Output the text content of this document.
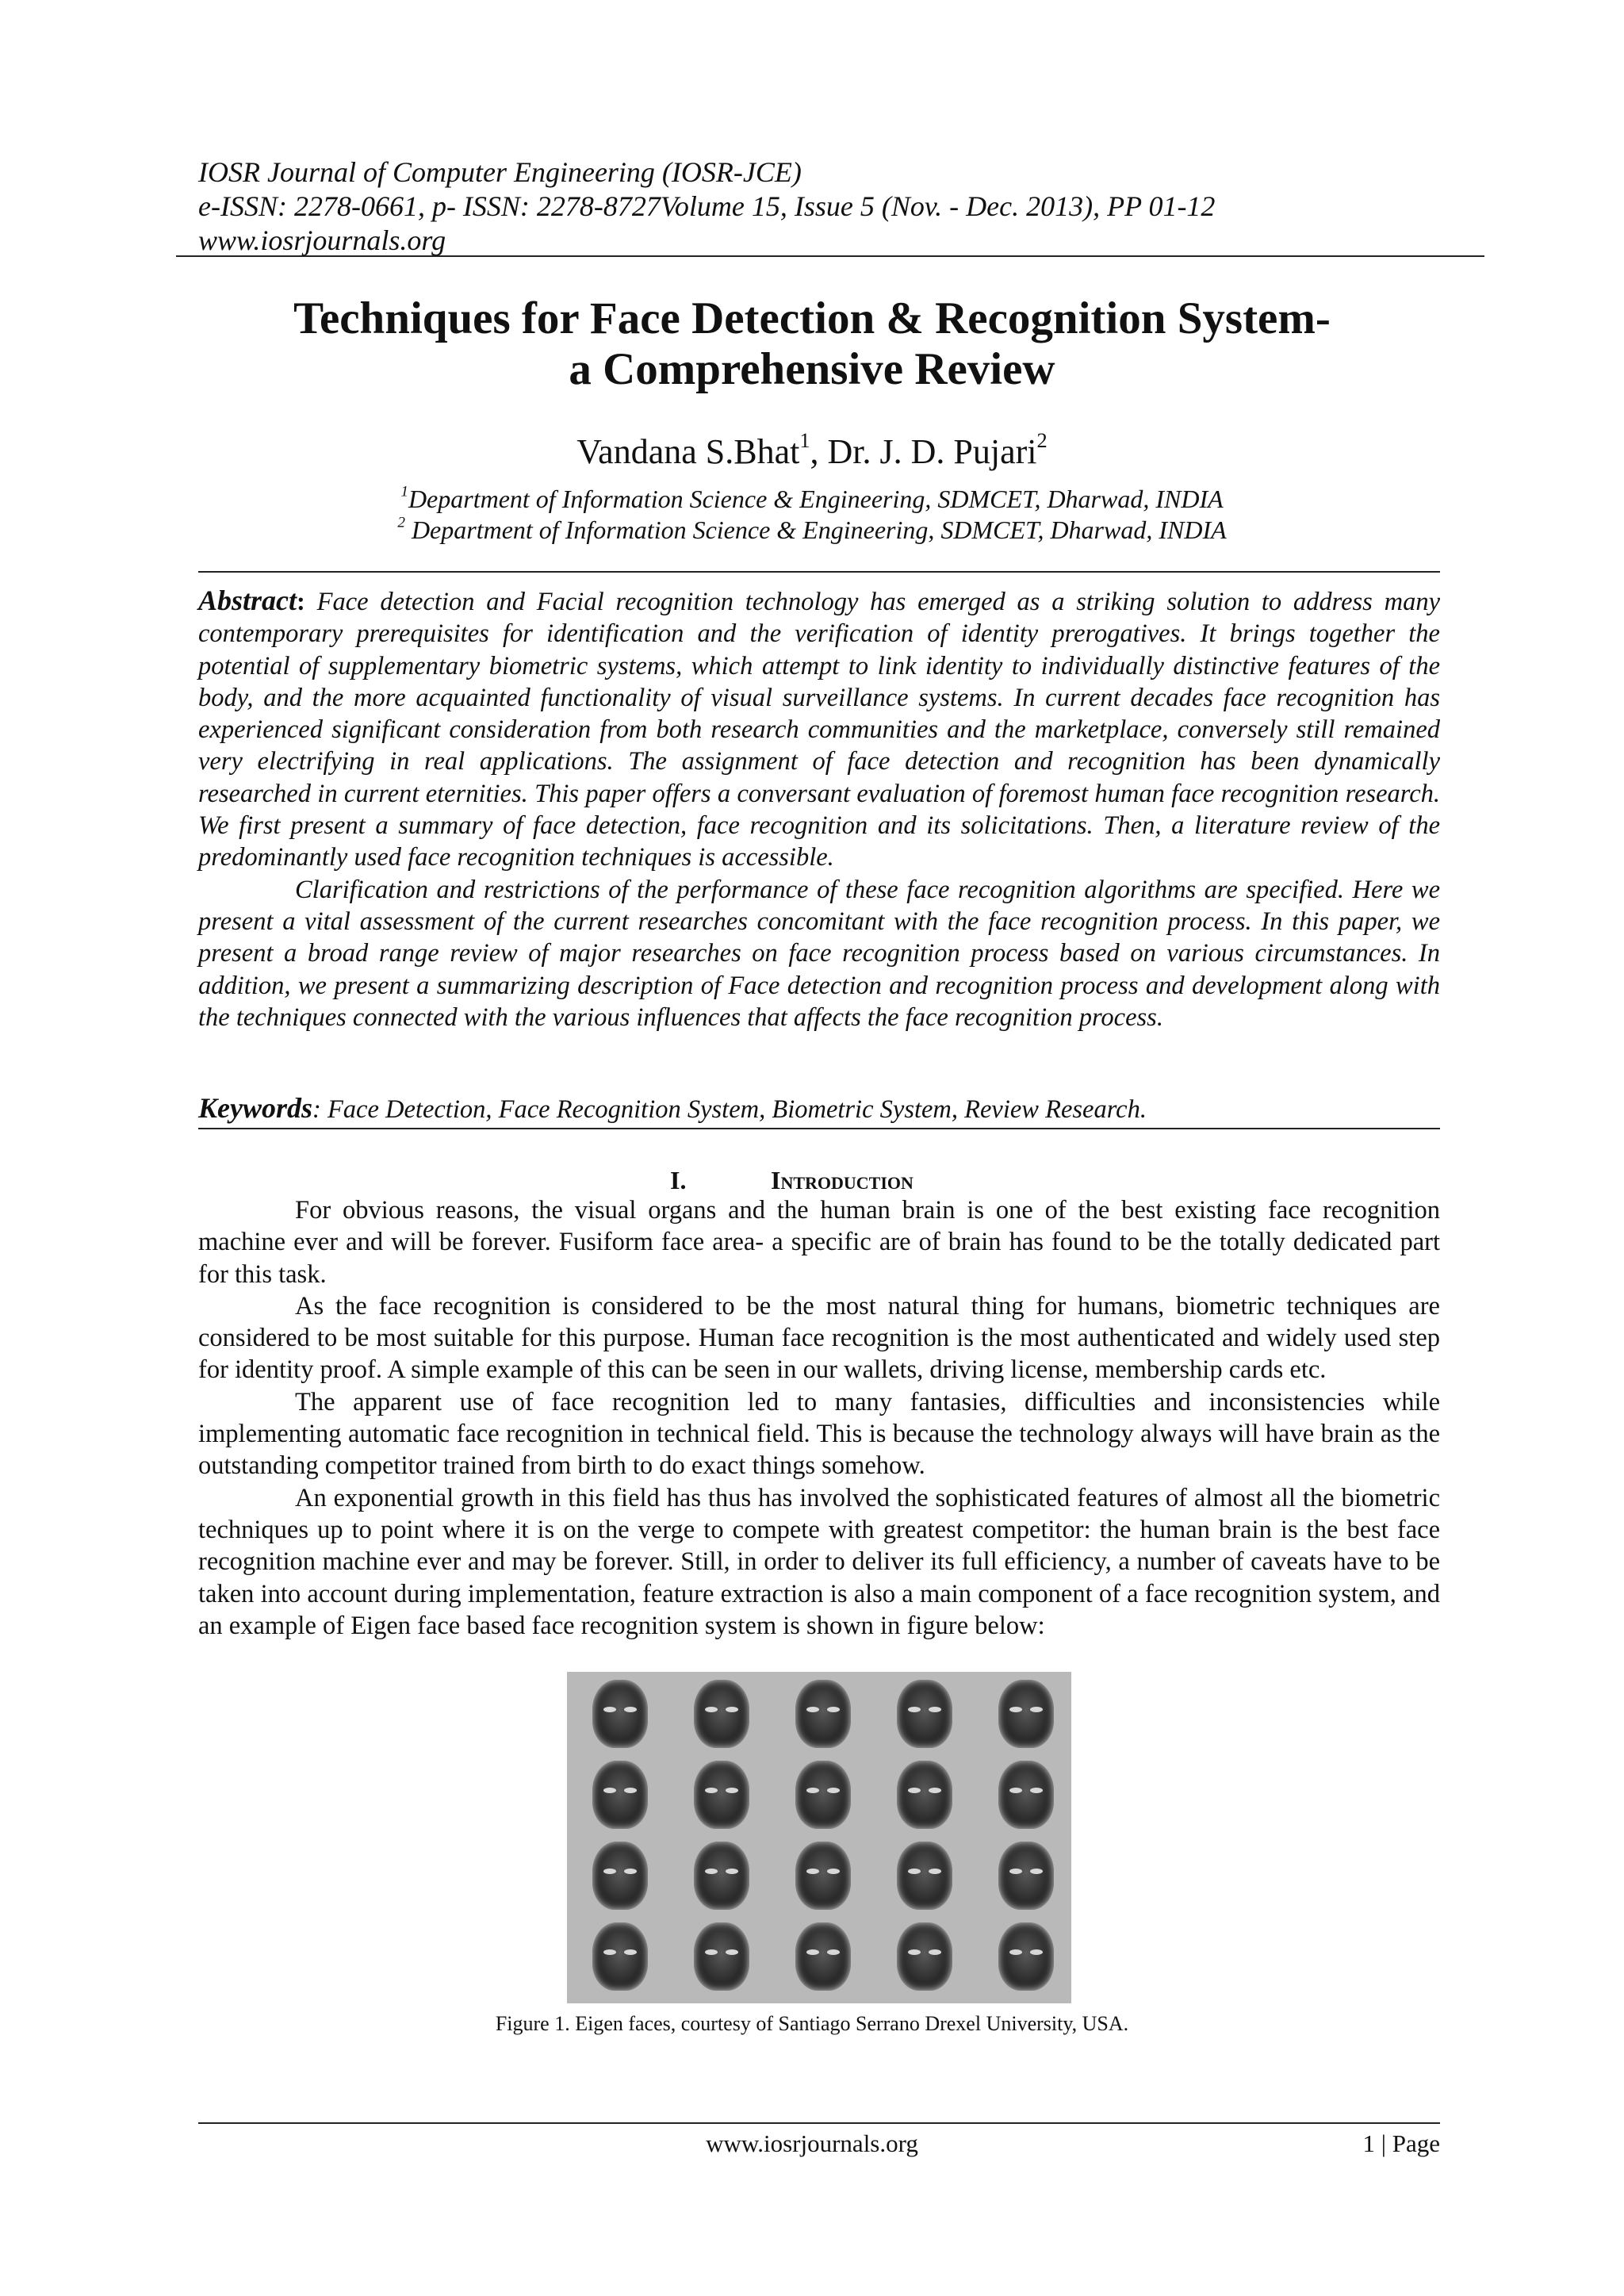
IOSR Journal of Computer Engineering (IOSR-JCE)
e-ISSN: 2278-0661, p- ISSN: 2278-8727Volume 15, Issue 5 (Nov. - Dec. 2013), PP 01-12
www.iosrjournals.org
Techniques for Face Detection & Recognition System-
a Comprehensive Review
Vandana S.Bhat$^1$, Dr. J. D. Pujari$^2$
$^1$Department of Information Science & Engineering, SDMCET, Dharwad, INDIA
$^2$ Department of Information Science & Engineering, SDMCET, Dharwad, INDIA

Abstract: Face detection and Facial recognition technology has emerged as a striking solution to address many contemporary prerequisites for identification and the verification of identity prerogatives. It brings together the potential of supplementary biometric systems, which attempt to link identity to individually distinctive features of the body, and the more acquainted functionality of visual surveillance systems. In current decades face recognition has experienced significant consideration from both research communities and the marketplace, conversely still remained very electrifying in real applications. The assignment of face detection and recognition has been dynamically researched in current eternities. This paper offers a conversant evaluation of foremost human face recognition research. We first present a summary of face detection, face recognition and its solicitations. Then, a literature review of the predominantly used face recognition techniques is accessible.

Clarification and restrictions of the performance of these face recognition algorithms are specified. Here we present a vital assessment of the current researches concomitant with the face recognition process. In this paper, we present a broad range review of major researches on face recognition process based on various circumstances. In addition, we present a summarizing description of Face detection and recognition process and development along with the techniques connected with the various influences that affects the face recognition process.

Keywords: Face Detection, Face Recognition System, Biometric System, Review Research.
I.	Introduction

For obvious reasons, the visual organs and the human brain is one of the best existing face recognition machine ever and will be forever. Fusiform face area- a specific are of brain has found to be the totally dedicated part for this task.

As the face recognition is considered to be the most natural thing for humans, biometric techniques are considered to be most suitable for this purpose. Human face recognition is the most authenticated and widely used step for identity proof. A simple example of this can be seen in our wallets, driving license, membership cards etc.

The apparent use of face recognition led to many fantasies, difficulties and inconsistencies while implementing automatic face recognition in technical field. This is because the technology always will have brain as the outstanding competitor trained from birth to do exact things somehow.

An exponential growth in this field has thus has involved the sophisticated features of almost all the biometric techniques up to point where it is on the verge to compete with greatest competitor: the human brain is the best face recognition machine ever and may be forever. Still, in order to deliver its full efficiency, a number of caveats have to be taken into account during implementation, feature extraction is also a main component of a face recognition system, and an example of Eigen face based face recognition system is shown in figure below:

Figure 1. Eigen faces, courtesy of Santiago Serrano Drexel University, USA.
www.iosrjournals.org	1 | Page
